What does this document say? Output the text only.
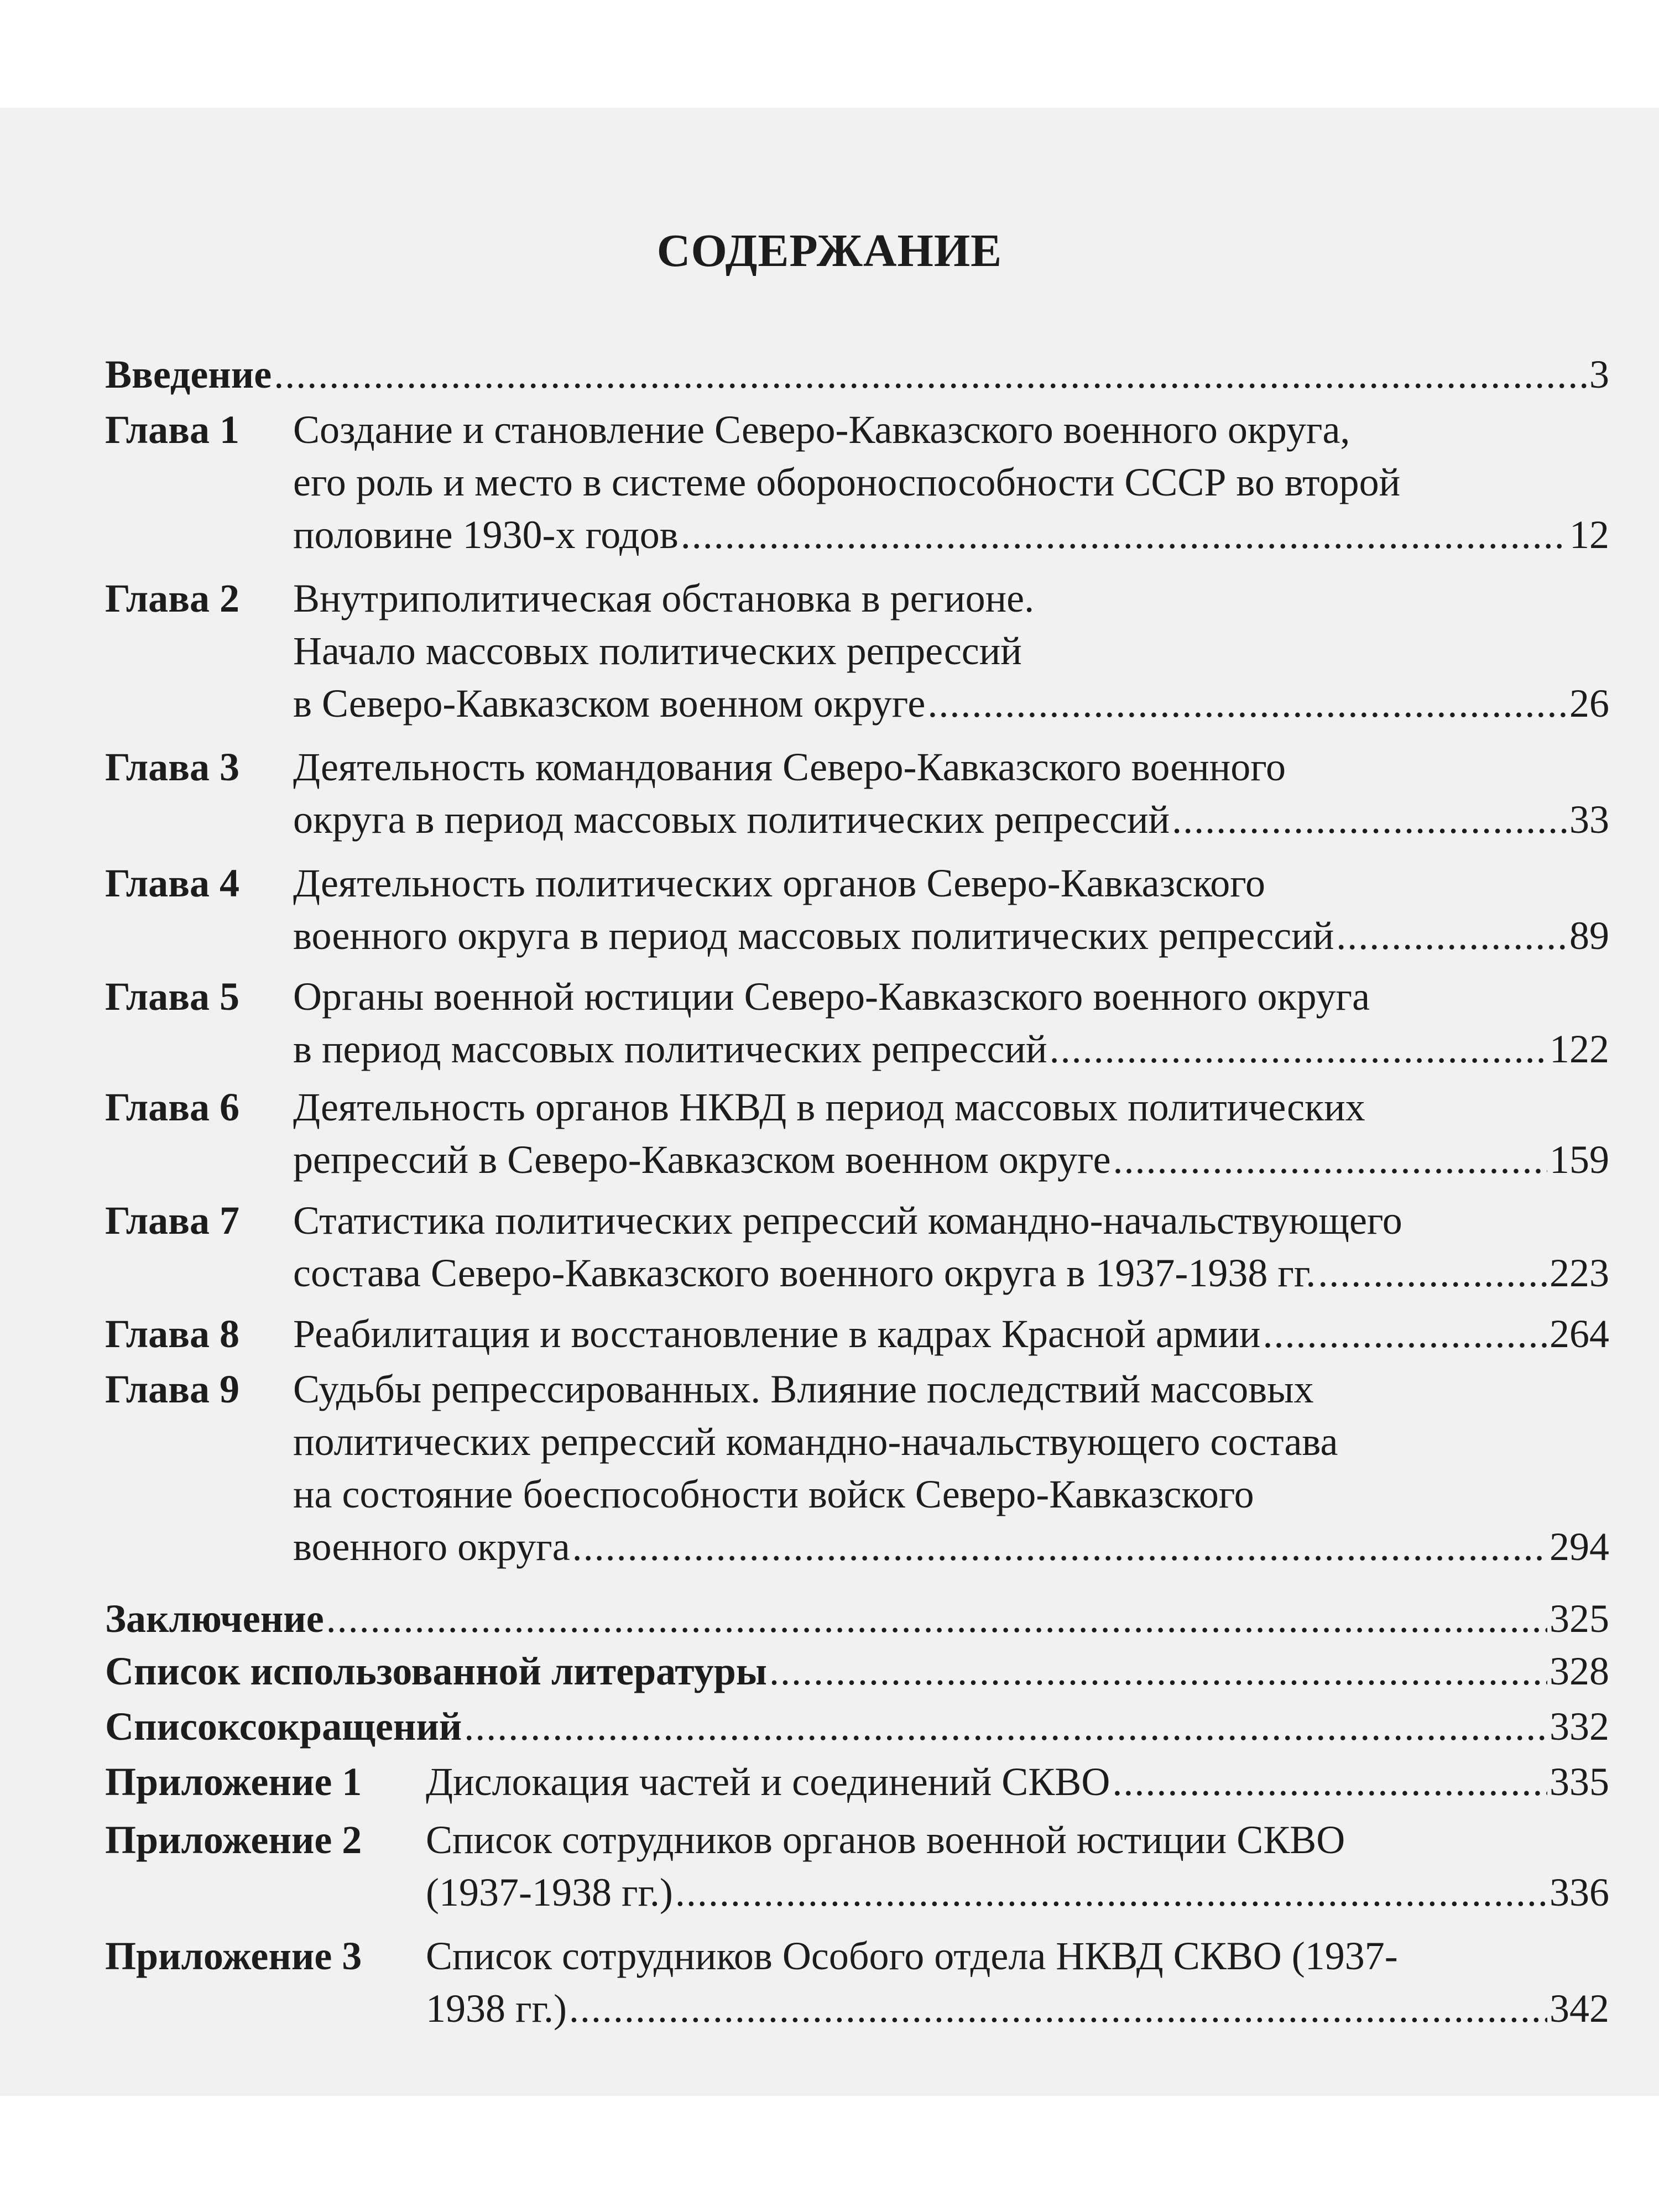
СОДЕРЖАНИЕ
Введение .....	3
Глава 1 Создание и становление Северо-Кавказского военного округа,
его роль и место в системе обороноспособности СССР во второй
половине 1930-х годов .....	12
Глава 2 Внутриполитическая обстановка в регионе.
Начало массовых политических репрессий
в Северо-Кавказском военном округе .....	26
Глава 3 Деятельность командования Северо-Кавказского военного
округа в период массовых политических репрессий .....	33
Глава 4 Деятельность политических органов Северо-Кавказского
военного округа в период массовых политических репрессий .....	89
Глава 5 Органы военной юстиции Северо-Кавказского военного округа
в период массовых политических репрессий .....	122
Глава 6 Деятельность органов НКВД в период массовых политических
репрессий в Северо-Кавказском военном округе .....	159
Глава 7 Статистика политических репрессий командно-начальствующего
состава Северо-Кавказского военного округа в 1937-1938 гг. .....	223
Глава 8 Реабилитация и восстановление в кадрах Красной армии .....	264
Глава 9 Судьбы репрессированных. Влияние последствий массовых
политических репрессий командно-начальствующего состава
на состояние боеспособности войск Северо-Кавказского
военного округа .....	294
Заключение .....	325
Список использованной литературы .....	328
Списоксокращений .....	332
Приложение 1 Дислокация частей и соединений СКВО .....	335
Приложение 2 Список сотрудников органов военной юстиции СКВО
(1937-1938 гг.) .....	336
Приложение 3 Список сотрудников Особого отдела НКВД СКВО (1937-
1938 гг.) .....	342
